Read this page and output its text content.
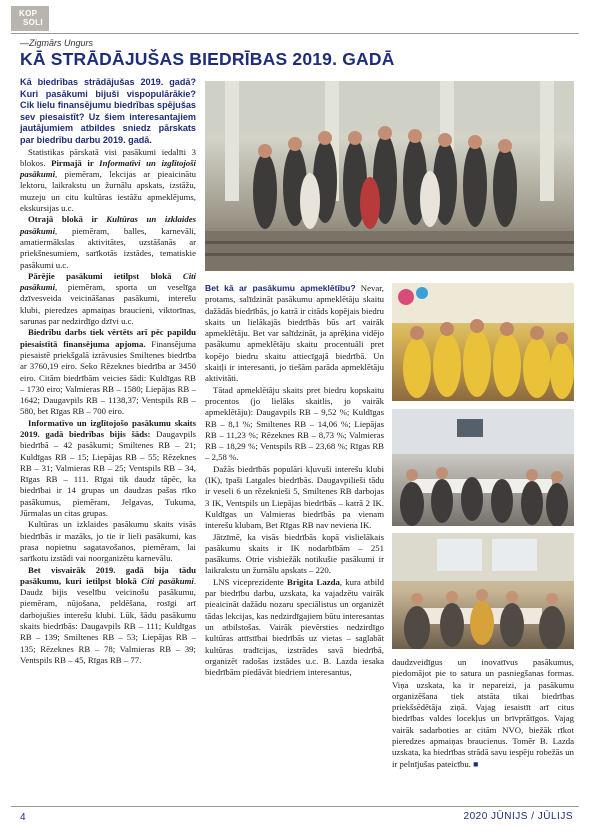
KOP
SOLI
—Zigmārs Ungurs
KĀ STRĀDĀJUŠAS BIEDRĪBAS 2019. GADĀ

Kā biedrības strādājušas 2019. gadā? Kuri pasākumi bijuši vispopulārākie? Cik lielu finansējumu biedrības spējušas sev piesaistīt? Uz šiem interesantajiem jautājumiem atbildes sniedz pārskats par biedrību darbu 2019. gadā.

Statistikas pārskatā visi pasākumi iedalīti 3 blokos. Pirmajā ir Informatīvi un izglītojoši pasākumi, piemēram, lekcijas ar pieaicinātu lektoru, laikrakstu un žurnālu apskats, izstāžu, muzeju un citu kultūras iestāžu apmeklējums, ekskursijas u.c.

Otrajā blokā ir Kultūras un izklaides pasākumi, piemēram, balles, karnevāli, amatiermākslas aktivitātes, uzstāšanās ar priekšnesumiem, sarīkotās izstādes, tematiskie pasākumi u.c.

Pārējie pasākumi ietilpst blokā Citi pasākumi, piemēram, sporta un veselīga dzīvesveida veicināšanas pasākumi, interešu klubi, pieredzes apmaiņas braucieni, viktorīnas, sarunas par nedzirdīgo dzīvi u.c.

Biedrību darbs tiek vērtēts arī pēc papildu piesaistītā finansējuma apjoma. Finansējuma piesaistē priekšgalā izrāvusies Smiltenes biedrība ar 3760,19 eiro. Seko Rēzeknes biedrība ar 3450 eiro. Citām biedrībām veicies šādi: Kuldīgas RB – 1730 eiro; Valmieras RB – 1580; Liepājas RB – 1642; Daugavpils RB – 1138,37; Ventspils RB – 580, bet Rīgas RB – 700 eiro.

Informatīvo un izglītojošo pasākumu skaits 2019. gadā biedrības bijis šāds: Daugavpils biedrībā – 42 pasākumi; Smiltenes RB – 21; Kuldīgas RB – 15; Liepājas RB – 55; Rēzeknes RB – 31; Valmieras RB – 25; Ventspils RB – 34, Rīgas RB – 111. Rīgai tik daudz tāpēc, ka biedrībai ir 14 grupas un daudzas pašas rīko pasākumus, piemēram, Jelgavas, Tukuma, Jūrmalas un citas grupas.

Kultūras un izklaides pasākumu skaits visās biedrībās ir mazāks, jo tie ir lieli pasākumi, kas prasa nopietnu sagatavošanos, piemēram, lai sarīkotu izstādi vai noorganizētu karnevālu.

Bet visvairāk 2019. gadā bija tādu pasākumu, kuri ietilpst blokā Citi pasākumi. Daudz bijis veselību veicinošu pasākumu, piemēram, nūjošana, peldēšana, rosīgi arī darbojušies interešu klubi. Lūk, šādu pasākumu skaits biedrībās: Daugavpils RB – 111; Kuldīgas RB – 139; Smiltenes RB – 53; Liepājas RB – 135; Rēzeknes RB – 78; Valmieras RB – 39; Ventspils RB – 45, Rīgas RB – 77.

Bet kā ar pasākumu apmeklētību? Nevar, protams, salīdzināt pasākumu apmeklētāju skaitu dažādās biedrībās, jo katrā ir citāds kopējais biedru skaits un lielākajās biedrībās būs arī vairāk apmeklētāju. Bet var salīdzināt, ja aprēķina vidējo pasākumu apmeklētāju skaitu procentuāli pret kopējo biedru skaitu attiecīgajā biedrībā. Un skaitļi ir interesanti, jo tiešām parāda apmeklētāju aktivitāti.

Tātad apmeklētāju skaits pret biedru kopskaitu procentos (jo lielāks skaitlis, jo vairāk apmeklētāju): Daugavpils RB – 9,52 %; Kuldīgas RB – 8,1 %; Smiltenes RB – 14,06 %; Liepājas RB – 11,23 %; Rēzeknes RB – 8,73 %; Valmieras RB – 18,29 %; Ventspils RB – 23,68 %; Rīgas RB – 2,58 %.

Dažās biedrībās populāri kļuvuši interešu klubi (IK), īpaši Latgales biedrībās. Daugavpilieši tādu ir veseli 6 un rēzeknieši 5, Smiltenes RB darbojas 3 IK, Ventspils un Liepājas biedrībās – katrā 2 IK. Kuldīgas un Valmieras biedrībās pa vienam interešu klubam, Bet Rīgas RB nav neviena IK.

Jātzīmē, ka visās biedrībās kopā vislielākais pasākumu skaits ir IK nodarbībām – 251 pasākums. Otrie visbiežāk notikušie pasākumi ir laikrakstu un žurnālu apskats – 220.

LNS viceprezidente Brigita Lazda, kura atbild par biedrību darbu, uzskata, ka vajadzētu vairāk pieaicināt dažādu nozaru speciālistus un organizēt tādas lekcijas, kas nedzirdīgajiem būtu interesantas un atbilstošas. Vairāk pievērsties nedzirdīgo kultūras attīstībai biedrībās uz vietas – saglabāt kultūras tradīcijas, izstrādes savā biedrībā, organizēt radošas izstādes u.c. B. Lazda iesaka biedrībām piedāvāt biedriem interesantus,

daudzveidīgus un inovatīvus pasākumus, piedomājot pie to satura un pasniegšanas formas. Viņa uzskata, ka ir nepareizi, ja pasākumu organizēšana tiek atstāta tikai biedrības priekšsēdētāja ziņā. Vajag iesaistīt arī citus biedrības valdes locekļus un brīvprātīgos. Vajag vairāk sadarboties ar citām NVO, biežāk rīkot pieredzes apmaiņas braucienus. Tomēr B. Lazda uzskata, ka biedrības strādā savu iespēju robežās un ir pelnījušas pateicību. ■

4	2020 JŪNIJS / JŪLIJS
